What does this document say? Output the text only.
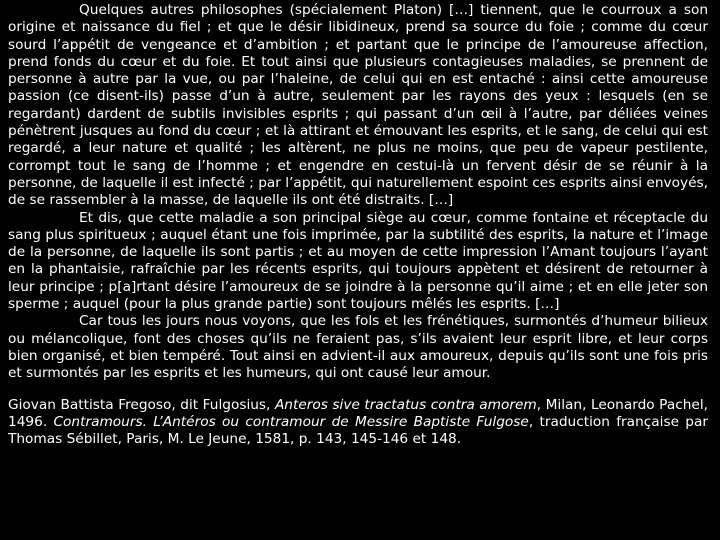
Quelques autres philosophes (spécialement Platon) […] tiennent, que le courroux a son origine et naissance du fiel ; et que le désir libidineux, prend sa source du foie ; comme du cœur sourd l’appétit de vengeance et d’ambition ; et partant que le principe de l’amoureuse affection, prend fonds du cœur et du foie. Et tout ainsi que plusieurs contagieuses maladies, se prennent de personne à autre par la vue, ou par l’haleine, de celui qui en est entaché : ainsi cette amoureuse passion (ce disent-ils) passe d’un à autre, seulement par les rayons des yeux : lesquels (en se regardant) dardent de subtils invisibles esprits ; qui passant d’un œil à l’autre, par déliées veines pénètrent jusques au fond du cœur ; et là attirant et émouvant les esprits, et le sang, de celui qui est regardé, a leur nature et qualité ; les altèrent, ne plus ne moins, que peu de vapeur pestilente, corrompt tout le sang de l’homme ; et engendre en cestui-là un fervent désir de se réunir à la personne, de laquelle il est infecté ; par l’appétit, qui naturellement espoint ces esprits ainsi envoyés, de se rassembler à la masse, de laquelle ils ont été distraits. […]

Et dis, que cette maladie a son principal siège au cœur, comme fontaine et réceptacle du sang plus spiritueux ; auquel étant une fois imprimée, par la subtilité des esprits, la nature et l’image de la personne, de laquelle ils sont partis ; et au moyen de cette impression l’Amant toujours l’ayant en la phantaisie, rafraîchie par les récents esprits, qui toujours appètent et désirent de retourner à leur principe ; p[a]rtant désire l’amoureux de se joindre à la personne qu’il aime ; et en elle jeter son sperme ; auquel (pour la plus grande partie) sont toujours mêlés les esprits. […]

Car tous les jours nous voyons, que les fols et les frénétiques, surmontés d’humeur bilieux ou mélancolique, font des choses qu’ils ne feraient pas, s’ils avaient leur esprit libre, et leur corps bien organisé, et bien tempéré. Tout ainsi en advient-il aux amoureux, depuis qu’ils sont une fois pris et surmontés par les esprits et les humeurs, qui ont causé leur amour.

Giovan Battista Fregoso, dit Fulgosius, Anteros sive tractatus contra amorem, Milan, Leonardo Pachel, 1496. Contramours. L’Antéros ou contramour de Messire Baptiste Fulgose, traduction française par Thomas Sébillet, Paris, M. Le Jeune, 1581, p. 143, 145-146 et 148.
